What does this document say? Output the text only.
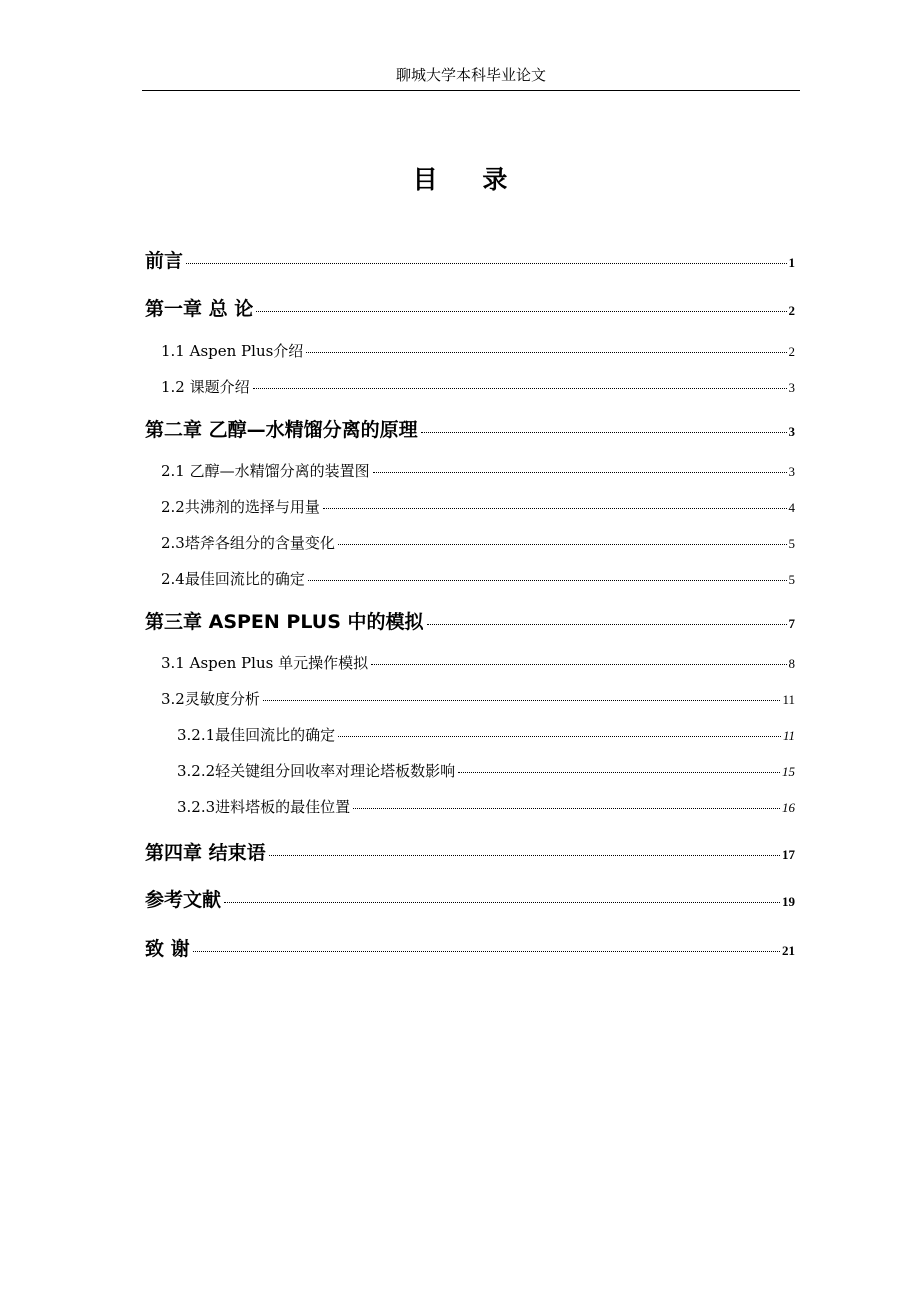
聊城大学本科毕业论文
目 录
前言	1
第一章 总 论	2
1.1 Aspen Plus介绍	2
1.2 课题介绍	3
第二章 乙醇—水精馏分离的原理	3
2.1 乙醇—水精馏分离的装置图	3
2.2共沸剂的选择与用量	4
2.3塔斧各组分的含量变化	5
2.4最佳回流比的确定	5
第三章 ASPEN PLUS 中的模拟	7
3.1 Aspen Plus 单元操作模拟	8
3.2灵敏度分析	11
3.2.1最佳回流比的确定	11
3.2.2轻关键组分回收率对理论塔板数影响	15
3.2.3进料塔板的最佳位置	16
第四章 结束语	17
参考文献	19
致 谢	21
